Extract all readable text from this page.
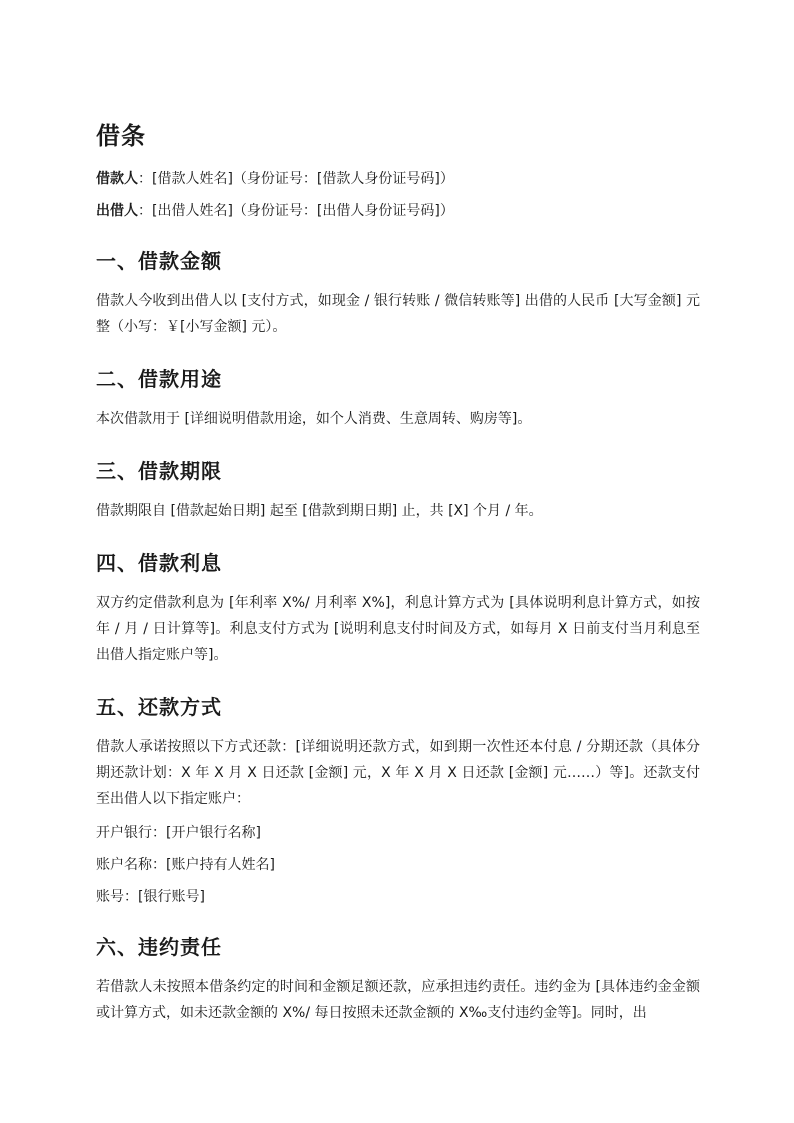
借条

借款人：[借款人姓名]（身份证号：[借款人身份证号码]）

出借人：[出借人姓名]（身份证号：[出借人身份证号码]）

一、借款金额

借款人今收到出借人以 [支付方式，如现金 / 银行转账 / 微信转账等] 出借的人民币 [大写金额] 元整（小写：￥[小写金额] 元）。

二、借款用途

本次借款用于 [详细说明借款用途，如个人消费、生意周转、购房等]。

三、借款期限

借款期限自 [借款起始日期] 起至 [借款到期日期] 止，共 [X] 个月 / 年。

四、借款利息

双方约定借款利息为 [年利率 X%/ 月利率 X%]，利息计算方式为 [具体说明利息计算方式，如按年 / 月 / 日计算等]。利息支付方式为 [说明利息支付时间及方式，如每月 X 日前支付当月利息至出借人指定账户等]。

五、还款方式

借款人承诺按照以下方式还款：[详细说明还款方式，如到期一次性还本付息 / 分期还款（具体分期还款计划：X 年 X 月 X 日还款 [金额] 元，X 年 X 月 X 日还款 [金额] 元……）等]。还款支付至出借人以下指定账户：

开户银行：[开户银行名称]

账户名称：[账户持有人姓名]

账号：[银行账号]

六、违约责任

若借款人未按照本借条约定的时间和金额足额还款，应承担违约责任。违约金为 [具体违约金金额或计算方式，如未还款金额的 X%/ 每日按照未还款金额的 X‰支付违约金等]。同时，出
